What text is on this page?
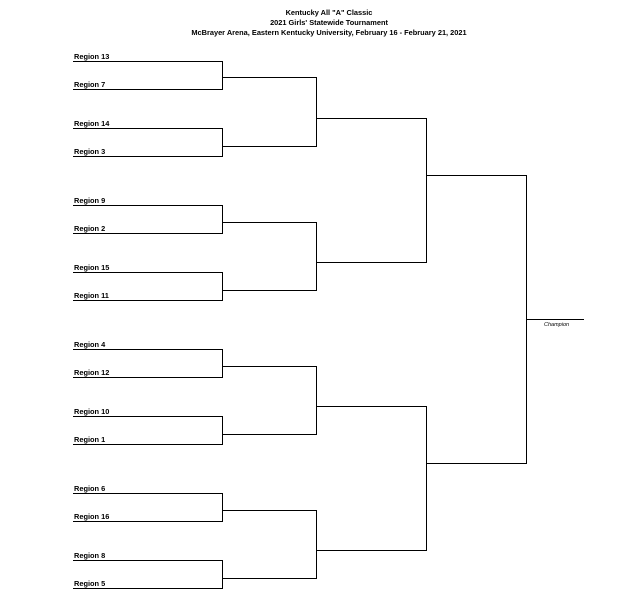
Kentucky All "A" Classic
2021 Girls' Statewide Tournament
McBrayer Arena, Eastern Kentucky University, February 16 - February 21, 2021
Region 13
Region 7
Region 14
Region 3
Region 9
Region 2
Region 15
Region 11
Region 4
Region 12
Region 10
Region 1
Region 6
Region 16
Region 8
Region 5
Champion
